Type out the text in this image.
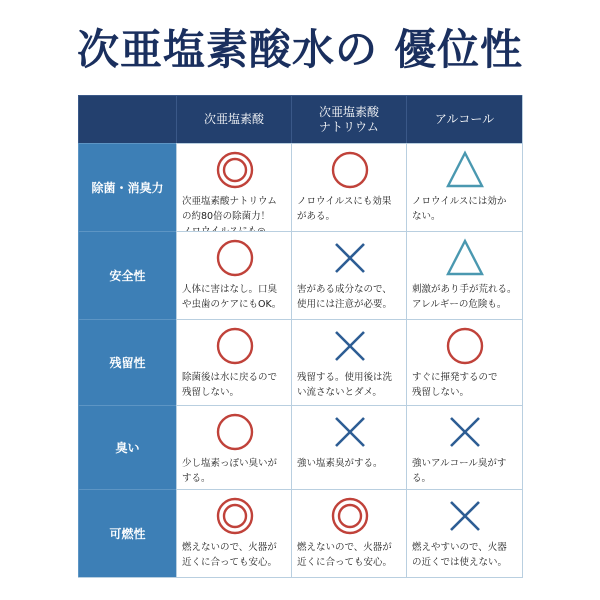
次亜塩素酸水の 優位性
次亜塩素酸
次亜塩素酸
ナトリウム
アルコール
除菌・消臭力
次亜塩素酸ナトリウム
の約80倍の除菌力！

ノロウイルスにも効果
がある。
ノロウイルスには効か
ない。
安全性
人体に害はなし。口臭
や虫歯のケアにもOK。
害がある成分なので、
使用には注意が必要。
刺激があり手が荒れる。
アレルギーの危険も。
残留性
除菌後は水に戻るので
残留しない。
残留する。使用後は洗
い流さないとダメ。
すぐに揮発するので
残留しない。
臭い
少し塩素っぽい臭いが
する。
強い塩素臭がする。	強いアルコール臭がす
る。
可燃性
燃えないので、火器が
近くに合っても安心。
燃えないので、火器が
近くに合っても安心。
燃えやすいので、火器
の近くでは使えない。
